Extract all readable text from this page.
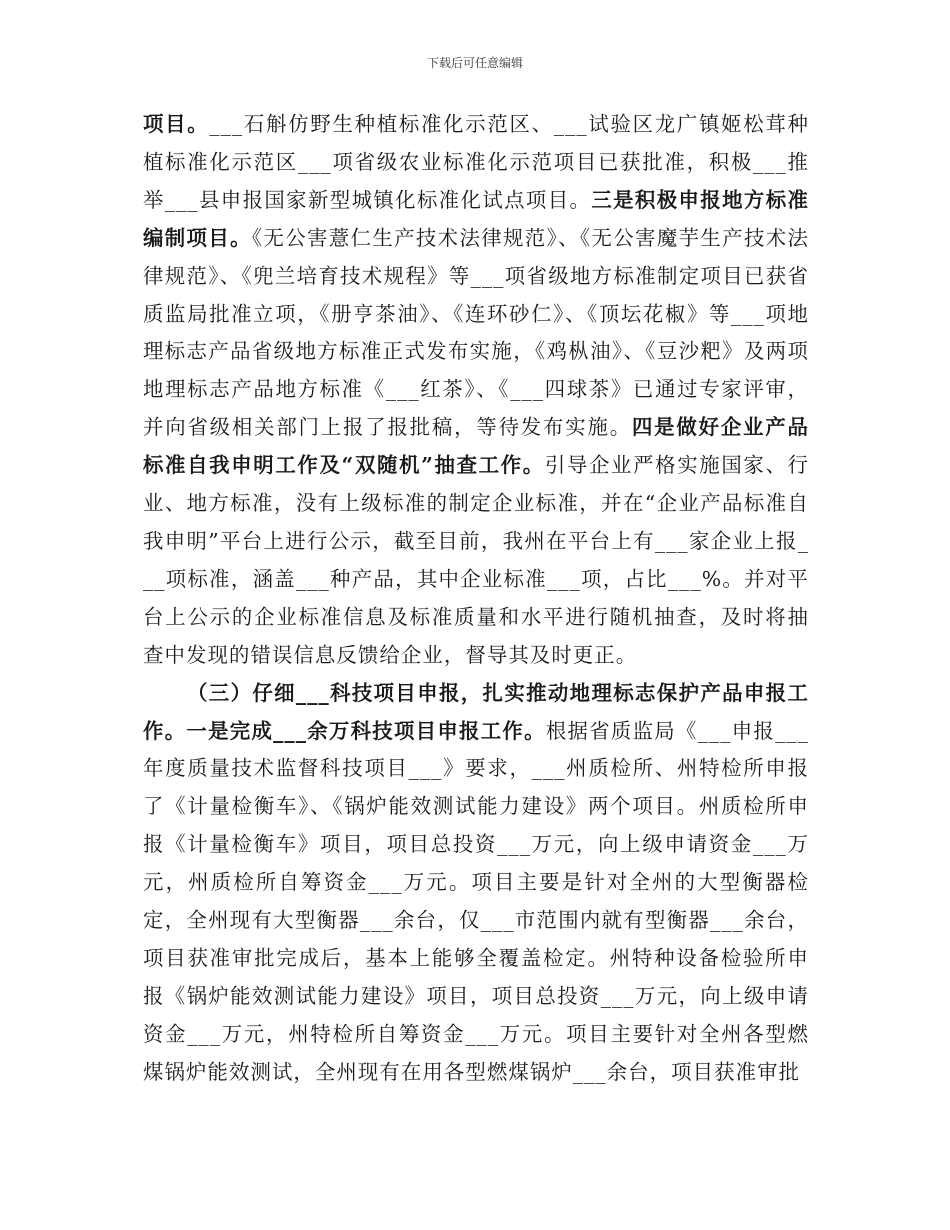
下载后可任意编辑

项目。___石斛仿野生种植标准化示范区、___试验区龙广镇姬松茸种植标准化示范区___项省级农业标准化示范项目已获批准，积极___推举___县申报国家新型城镇化标准化试点项目。三是积极申报地方标准编制项目。《无公害薏仁生产技术法律规范》、《无公害魔芋生产技术法律规范》、《兜兰培育技术规程》等___项省级地方标准制定项目已获省质监局批准立项，《册亨茶油》、《连环砂仁》、《顶坛花椒》等___项地理标志产品省级地方标准正式发布实施，《鸡枞油》、《豆沙粑》及两项地理标志产品地方标准《___红茶》、《___四球茶》已通过专家评审，并向省级相关部门上报了报批稿，等待发布实施。四是做好企业产品标准自我申明工作及“双随机”抽查工作。引导企业严格实施国家、行业、地方标准，没有上级标准的制定企业标准，并在“企业产品标准自我申明”平台上进行公示，截至目前，我州在平台上有___家企业上报___项标准，涵盖___种产品，其中企业标准___项，占比___%。并对平台上公示的企业标准信息及标准质量和水平进行随机抽查，及时将抽查中发现的错误信息反馈给企业，督导其及时更正。

（三）仔细___科技项目申报，扎实推动地理标志保护产品申报工作。一是完成___余万科技项目申报工作。根据省质监局《___申报___年度质量技术监督科技项目___》要求，___州质检所、州特检所申报了《计量检衡车》、《锅炉能效测试能力建设》两个项目。州质检所申报《计量检衡车》项目，项目总投资___万元，向上级申请资金___万元，州质检所自筹资金___万元。项目主要是针对全州的大型衡器检定，全州现有大型衡器___余台，仅___市范围内就有型衡器___余台，项目获准审批完成后，基本上能够全覆盖检定。州特种设备检验所申报《锅炉能效测试能力建设》项目，项目总投资___万元，向上级申请资金___万元，州特检所自筹资金___万元。项目主要针对全州各型燃煤锅炉能效测试，全州现有在用各型燃煤锅炉___余台，项目获准审批
